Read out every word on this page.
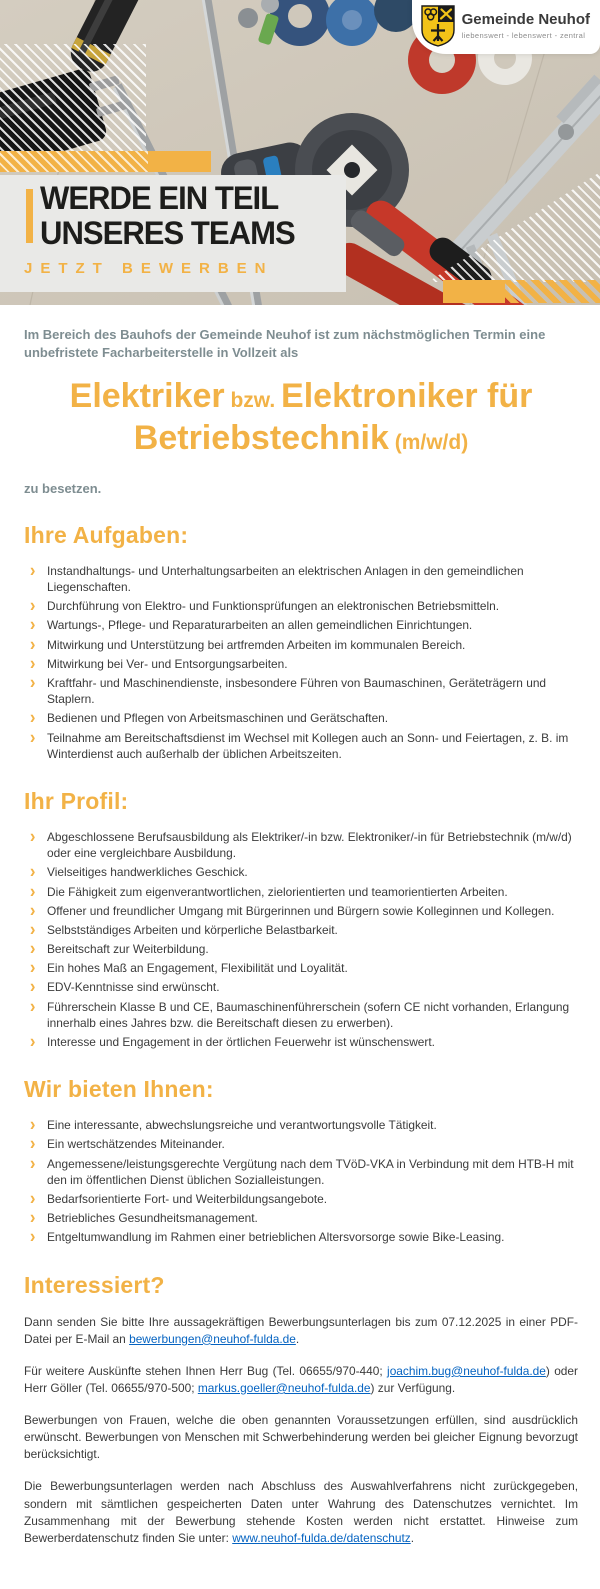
WERDE EIN TEIL
UNSERES TEAMS
JETZT BEWERBEN
Gemeinde Neuhof
liebenswert - lebenswert - zentral

Im Bereich des Bauhofs der Gemeinde Neuhof ist zum nächstmöglichen Termin eine unbefristete Facharbeiterstelle in Vollzeit als

Elektriker bzw. Elektroniker für
Betriebstechnik (m/w/d)

zu besetzen.

Ihre Aufgaben:
› Instandhaltungs- und Unterhaltungsarbeiten an elektrischen Anlagen in den gemeindlichen Liegenschaften.
› Durchführung von Elektro- und Funktionsprüfungen an elektronischen Betriebsmitteln.
› Wartungs-, Pflege- und Reparaturarbeiten an allen gemeindlichen Einrichtungen.
› Mitwirkung und Unterstützung bei artfremden Arbeiten im kommunalen Bereich.
› Mitwirkung bei Ver- und Entsorgungsarbeiten.
› Kraftfahr- und Maschinendienste, insbesondere Führen von Baumaschinen, Geräteträgern und Staplern.
› Bedienen und Pflegen von Arbeitsmaschinen und Gerätschaften.
› Teilnahme am Bereitschaftsdienst im Wechsel mit Kollegen auch an Sonn- und Feiertagen, z. B. im Winterdienst auch außerhalb der üblichen Arbeitszeiten.
Ihr Profil:
› Abgeschlossene Berufsausbildung als Elektriker/-in bzw. Elektroniker/-in für Betriebstechnik (m/w/d) oder eine vergleichbare Ausbildung.
› Vielseitiges handwerkliches Geschick.
› Die Fähigkeit zum eigenverantwortlichen, zielorientierten und teamorientierten Arbeiten.
› Offener und freundlicher Umgang mit Bürgerinnen und Bürgern sowie Kolleginnen und Kollegen.
› Selbstständiges Arbeiten und körperliche Belastbarkeit.
› Bereitschaft zur Weiterbildung.
› Ein hohes Maß an Engagement, Flexibilität und Loyalität.
› EDV-Kenntnisse sind erwünscht.
› Führerschein Klasse B und CE, Baumaschinenführerschein (sofern CE nicht vorhanden, Erlangung innerhalb eines Jahres bzw. die Bereitschaft diesen zu erwerben).
› Interesse und Engagement in der örtlichen Feuerwehr ist wünschenswert.
Wir bieten Ihnen:
› Eine interessante, abwechslungsreiche und verantwortungsvolle Tätigkeit.
› Ein wertschätzendes Miteinander.
› Angemessene/leistungsgerechte Vergütung nach dem TVöD-VKA in Verbindung mit dem HTB-H mit den im öffentlichen Dienst üblichen Sozialleistungen.
› Bedarfsorientierte Fort- und Weiterbildungsangebote.
› Betriebliches Gesundheitsmanagement.
› Entgeltumwandlung im Rahmen einer betrieblichen Altersvorsorge sowie Bike-Leasing.
Interessiert?

Dann senden Sie bitte Ihre aussagekräftigen Bewerbungsunterlagen bis zum 07.12.2025 in einer PDF-Datei per E-Mail an bewerbungen@neuhof-fulda.de.

Für weitere Auskünfte stehen Ihnen Herr Bug (Tel. 06655/970-440; joachim.bug@neuhof-fulda.de) oder Herr Göller (Tel. 06655/970-500; markus.goeller@neuhof-fulda.de) zur Verfügung.

Bewerbungen von Frauen, welche die oben genannten Voraussetzungen erfüllen, sind ausdrücklich erwünscht. Bewerbungen von Menschen mit Schwerbehinderung werden bei gleicher Eignung bevorzugt berücksichtigt.

Die Bewerbungsunterlagen werden nach Abschluss des Auswahlverfahrens nicht zurückgegeben, sondern mit sämtlichen gespeicherten Daten unter Wahrung des Datenschutzes vernichtet. Im Zusammenhang mit der Bewerbung stehende Kosten werden nicht erstattet. Hinweise zum Bewerberdatenschutz finden Sie unter: www.neuhof-fulda.de/datenschutz.
